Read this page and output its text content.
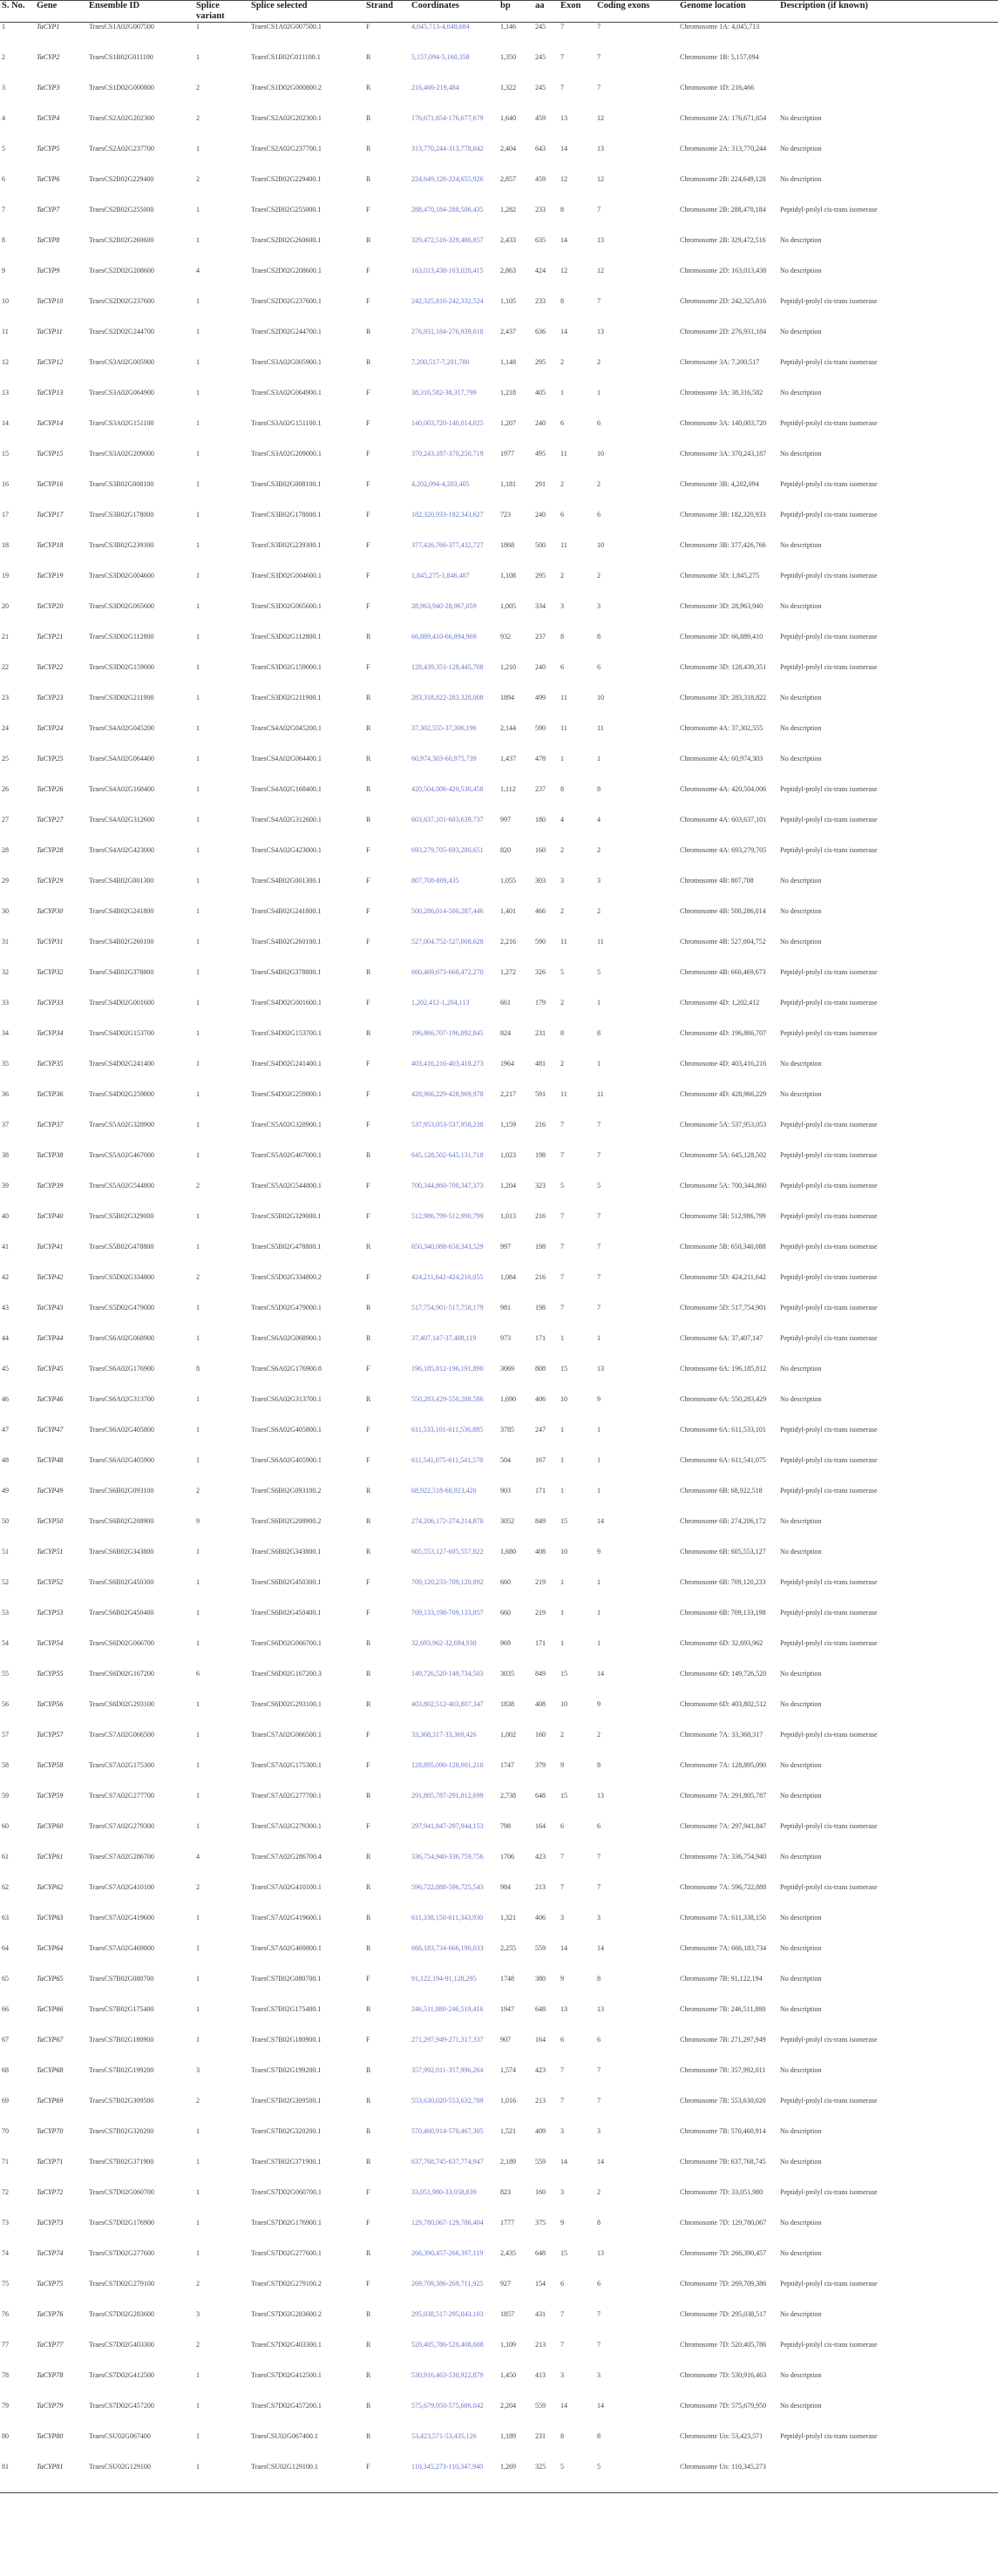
S. No.	Gene	Ensemble ID	Splice variant	Splice selected	Strand	Coordinates	bp	aa	Exon	Coding exons	Genome location	Description (if known)
1	TaCYP1	TraesCS1A02G007500	1	TraesCS1A02G007500.1	F	4,045,713-4,048,684	1,146	245	7	7	Chromosome 1A: 4,045,713	
2	TaCYP2	TraesCS1B02G011100	1	TraesCS1B02G011100.1	R	5,157,094-5,160,358	1,350	245	7	7	Chromosome 1B: 5,157,094	
3	TaCYP3	TraesCS1D02G000800	2	TraesCS1D02G000800.2	R	216,466-219,484	1,322	245	7	7	Chromosome 1D: 216,466	
4	TaCYP4	TraesCS2A02G202300	2	TraesCS2A02G202300.1	R	176,671,654-176,677,679	1,640	459	13	12	Chromosome 2A: 176,671,654	No description
5	TaCYP5	TraesCS2A02G237700	1	TraesCS2A02G237700.1	R	313,770,244-313,778,042	2,404	643	14	13	Chromosome 2A: 313,770,244	No description
6	TaCYP6	TraesCS2B02G229400	2	TraesCS2B02G229400.1	R	224,649,128-224,655,926	2,857	459	12	12	Chromosome 2B: 224,649,128	No description
7	TaCYP7	TraesCS2B02G255000	1	TraesCS2B02G255000.1	F	288,470,184-288,506,435	1,282	233	8	7	Chromosome 2B: 288,470,184	Peptidyl-prolyl cis-trans isomerase
8	TaCYP8	TraesCS2B02G260600	1	TraesCS2B02G260600.1	R	329,472,516-329,486,857	2,433	635	14	13	Chromosome 2B: 329,472,516	No description
9	TaCYP9	TraesCS2D02G208600	4	TraesCS2D02G208600.1	F	163,013,438-163,020,415	2,863	424	12	12	Chromosome 2D: 163,013,438	No description
10	TaCYP10	TraesCS2D02G237600	1	TraesCS2D02G237600.1	F	242,325,816-242,332,524	1,105	233	8	7	Chromosome 2D: 242,325,816	Peptidyl-prolyl cis-trans isomerase
11	TaCYP11	TraesCS2D02G244700	1	TraesCS2D02G244700.1	R	276,931,184-276,939,618	2,437	636	14	13	Chromosome 2D: 276,931,184	No description
12	TaCYP12	TraesCS3A02G005900	1	TraesCS3A02G005900.1	R	7,200,517-7,201,780	1,148	295	2	2	Chromosome 3A: 7,200,517	Peptidyl-prolyl cis-trans isomerase
13	TaCYP13	TraesCS3A02G064900	1	TraesCS3A02G064900.1	F	38,316,582-38,317,799	1,218	405	1	1	Chromosome 3A: 38,316,582	No description
14	TaCYP14	TraesCS3A02G151100	1	TraesCS3A02G151100.1	F	140,003,720-140,014,025	1,207	240	6	6	Chromosome 3A: 140,003,720	Peptidyl-prolyl cis-trans isomerase
15	TaCYP15	TraesCS3A02G209000	1	TraesCS3A02G209000.1	F	370,243,187-370,250,719	1977	495	11	10	Chromosome 3A: 370,243,187	No description
16	TaCYP16	TraesCS3B02G008100	1	TraesCS3B02G008100.1	F	4,202,094-4,203,405	1,181	291	2	2	Chromosome 3B: 4,202,094	Peptidyl-prolyl cis-trans isomerase
17	TaCYP17	TraesCS3B02G178000	1	TraesCS3B02G178000.1	F	182,320,933-182,343,627	723	240	6	6	Chromosome 3B: 182,320,933	Peptidyl-prolyl cis-trans isomerase
18	TaCYP18	TraesCS3B02G239300	1	TraesCS3B02G239300.1	F	377,426,766-377,432,727	1868	500	11	10	Chromosome 3B: 377,426,766	No description
19	TaCYP19	TraesCS3D02G004600	1	TraesCS3D02G004600.1	F	1,845,275-1,846,487	1,108	295	2	2	Chromosome 3D: 1,845,275	Peptidyl-prolyl cis-trans isomerase
20	TaCYP20	TraesCS3D02G065600	1	TraesCS3D02G065600.1	F	28,963,940-28,967,059	1,005	334	3	3	Chromosome 3D: 28,963,940	No description
21	TaCYP21	TraesCS3D02G112800	1	TraesCS3D02G112800.1	R	66,889,410-66,894,969	932	237	8	8	Chromosome 3D: 66,889,410	Peptidyl-prolyl cis-trans isomerase
22	TaCYP22	TraesCS3D02G159000	1	TraesCS3D02G159000.1	F	128,439,351-128,445,708	1,210	240	6	6	Chromosome 3D: 128,439,351	Peptidyl-prolyl cis-trans isomerase
23	TaCYP23	TraesCS3D02G211900	1	TraesCS3D02G211900.1	R	283,318,822-283,328,008	1894	499	11	10	Chromosome 3D: 283,318,822	No description
24	TaCYP24	TraesCS4A02G045200	1	TraesCS4A02G045200.1	R	37,302,555-37,306,196	2,144	590	11	11	Chromosome 4A: 37,302,555	No description
25	TaCYP25	TraesCS4A02G064400	1	TraesCS4A02G064400.1	R	60,974,303-60,975,739	1,437	478	1	1	Chromosome 4A: 60,974,303	No description
26	TaCYP26	TraesCS4A02G168400	1	TraesCS4A02G168400.1	R	420,504,006-420,530,458	1,112	237	8	8	Chromosome 4A: 420,504,006	Peptidyl-prolyl cis-trans isomerase
27	TaCYP27	TraesCS4A02G312600	1	TraesCS4A02G312600.1	R	603,637,101-603,639,737	997	180	4	4	Chromosome 4A: 603,637,101	Peptidyl-prolyl cis-trans isomerase
28	TaCYP28	TraesCS4A02G423000	1	TraesCS4A02G423000.1	F	693,279,705-693,280,651	820	160	2	2	Chromosome 4A: 693,279,705	Peptidyl-prolyl cis-trans isomerase
29	TaCYP29	TraesCS4B02G001300	1	TraesCS4B02G001300.1	F	807,708-809,435	1,055	303	3	3	Chromosome 4B: 807,708	No description
30	TaCYP30	TraesCS4B02G241800	1	TraesCS4B02G241800.1	F	500,286,014-500,287,446	1,401	466	2	2	Chromosome 4B: 500,286,014	No description
31	TaCYP31	TraesCS4B02G260100	1	TraesCS4B02G260100.1	F	527,004,752-527,008,628	2,216	590	11	11	Chromosome 4B: 527,004,752	No description
32	TaCYP32	TraesCS4B02G378800	1	TraesCS4B02G378800.1	R	660,469,673-660,472,270	1,272	326	5	5	Chromosome 4B: 660,469,673	Peptidyl-prolyl cis-trans isomerase
33	TaCYP33	TraesCS4D02G001600	1	TraesCS4D02G001600.1	F	1,202,412-1,204,113	661	179	2	1	Chromosome 4D: 1,202,412	Peptidyl-prolyl cis-trans isomerase
34	TaCYP34	TraesCS4D02G153700	1	TraesCS4D02G153700.1	R	196,866,707-196,892,845	824	231	8	8	Chromosome 4D: 196,866,707	Peptidyl-prolyl cis-trans isomerase
35	TaCYP35	TraesCS4D02G241400	1	TraesCS4D02G241400.1	F	403,416,216-403,418,273	1964	481	2	1	Chromosome 4D: 403,416,216	No description
36	TaCYP36	TraesCS4D02G259800	1	TraesCS4D02G259800.1	F	428,966,229-428,969,978	2,217	591	11	11	Chromosome 4D: 428,966,229	No description
37	TaCYP37	TraesCS5A02G328900	1	TraesCS5A02G328900.1	F	537,953,053-537,958,238	1,159	216	7	7	Chromosome 5A: 537,953,053	Peptidyl-prolyl cis-trans isomerase
38	TaCYP38	TraesCS5A02G467000	1	TraesCS5A02G467000.1	R	645,128,502-645,131,718	1,023	198	7	7	Chromosome 5A: 645,128,502	Peptidyl-prolyl cis-trans isomerase
39	TaCYP39	TraesCS5A02G544800	2	TraesCS5A02G544800.1	F	700,344,860-700,347,373	1,204	323	5	5	Chromosome 5A: 700,344,860	Peptidyl-prolyl cis-trans isomerase
40	TaCYP40	TraesCS5B02G329000	1	TraesCS5B02G329000.1	F	512,986,799-512,990,799	1,013	216	7	7	Chromosome 5B: 512,986,799	Peptidyl-prolyl cis-trans isomerase
41	TaCYP41	TraesCS5B02G478800	1	TraesCS5B02G478800.1	R	650,340,088-650,343,529	997	198	7	7	Chromosome 5B: 650,340,088	Peptidyl-prolyl cis-trans isomerase
42	TaCYP42	TraesCS5D02G334800	2	TraesCS5D02G334800.2	F	424,211,642-424,216,055	1,084	216	7	7	Chromosome 5D: 424,211,642	Peptidyl-prolyl cis-trans isomerase
43	TaCYP43	TraesCS5D02G479000	1	TraesCS5D02G479000.1	R	517,754,901-517,758,179	981	198	7	7	Chromosome 5D: 517,754,901	Peptidyl-prolyl cis-trans isomerase
44	TaCYP44	TraesCS6A02G068900	1	TraesCS6A02G068900.1	R	37,407,147-37,408,119	973	171	1	1	Chromosome 6A: 37,407,147	Peptidyl-prolyl cis-trans isomerase
45	TaCYP45	TraesCS6A02G176900	8	TraesCS6A02G176900.8	F	196,185,812-196,191,890	3069	808	15	13	Chromosome 6A: 196,185,812	No description
46	TaCYP46	TraesCS6A02G313700	1	TraesCS6A02G313700.1	R	550,283,429-550,288,586	1,690	406	10	9	Chromosome 6A: 550,283,429	No description
47	TaCYP47	TraesCS6A02G405800	1	TraesCS6A02G405800.1	F	611,533,101-611,536,885	3785	247	1	1	Chromosome 6A: 611,533,101	Peptidyl-prolyl cis-trans isomerase
48	TaCYP48	TraesCS6A02G405900	1	TraesCS6A02G405900.1	F	611,541,075-611,541,578	504	167	1	1	Chromosome 6A: 611,541,075	Peptidyl-prolyl cis-trans isomerase
49	TaCYP49	TraesCS6B02G093100	2	TraesCS6B02G093100.2	R	68,922,518-68,923,420	903	171	1	1	Chromosome 6B: 68,922,518	Peptidyl-prolyl cis-trans isomerase
50	TaCYP50	TraesCS6B02G208900	9	TraesCS6B02G208900.2	R	274,206,172-274,214,878	3052	849	15	14	Chromosome 6B: 274,206,172	No description
51	TaCYP51	TraesCS6B02G343800	1	TraesCS6B02G343800.1	R	605,553,127-605,557,822	1,680	408	10	9	Chromosome 6B: 605,553,127	No description
52	TaCYP52	TraesCS6B02G450300	1	TraesCS6B02G450300.1	F	709,120,233-709,120,892	660	219	1	1	Chromosome 6B: 709,120,233	Peptidyl-prolyl cis-trans isomerase
53	TaCYP53	TraesCS6B02G450400	1	TraesCS6B02G450400.1	F	709,133,198-709,133,857	660	219	1	1	Chromosome 6B: 709,133,198	Peptidyl-prolyl cis-trans isomerase
54	TaCYP54	TraesCS6D02G066700	1	TraesCS6D02G066700.1	R	32,693,962-32,694,930	969	171	1	1	Chromosome 6D: 32,693,962	Peptidyl-prolyl cis-trans isomerase
55	TaCYP55	TraesCS6D02G167200	6	TraesCS6D02G167200.3	R	149,726,520-149,734,503	3035	849	15	14	Chromosome 6D: 149,726,520	No description
56	TaCYP56	TraesCS6D02G293100	1	TraesCS6D02G293100.1	R	403,802,512-403,807,347	1838	408	10	9	Chromosome 6D: 403,802,512	No description
57	TaCYP57	TraesCS7A02G066500	1	TraesCS7A02G066500.1	F	33,368,317-33,369,426	1,002	160	2	2	Chromosome 7A: 33,368,317	Peptidyl-prolyl cis-trans isomerase
58	TaCYP58	TraesCS7A02G175300	1	TraesCS7A02G175300.1	F	128,895,090-128,901,210	1747	379	9	8	Chromosome 7A: 128,895,090	No description
59	TaCYP59	TraesCS7A02G277700	1	TraesCS7A02G277700.1	R	291,805,787-291,812,699	2,738	648	15	13	Chromosome 7A: 291,805,787	No description
60	TaCYP60	TraesCS7A02G279300	1	TraesCS7A02G279300.1	F	297,941,847-297,944,153	798	164	6	6	Chromosome 7A: 297,941,847	Peptidyl-prolyl cis-trans isomerase
61	TaCYP61	TraesCS7A02G286700	4	TraesCS7A02G286700.4	R	336,754,940-336,759,756	1706	423	7	7	Chromosome 7A: 336,754,940	No description
62	TaCYP62	TraesCS7A02G410100	2	TraesCS7A02G410100.1	R	596,722,888-596,725,543	984	213	7	7	Chromosome 7A: 596,722,888	Peptidyl-prolyl cis-trans isomerase
63	TaCYP63	TraesCS7A02G419600	1	TraesCS7A02G419600.1	R	611,338,150-611,343,930	1,321	406	3	3	Chromosome 7A: 611,338,150	No description
64	TaCYP64	TraesCS7A02G469800	1	TraesCS7A02G469800.1	R	666,183,734-666,190,033	2,255	559	14	14	Chromosome 7A: 666,183,734	No description
65	TaCYP65	TraesCS7B02G080700	1	TraesCS7B02G080700.1	F	91,122,194-91,128,295	1748	380	9	8	Chromosome 7B: 91,122,194	No description
66	TaCYP66	TraesCS7B02G175400	1	TraesCS7B02G175400.1	R	246,511,880-246,519,416	1947	648	13	13	Chromosome 7B: 246,511,880	No description
67	TaCYP67	TraesCS7B02G180900	1	TraesCS7B02G180900.1	F	271,297,949-271,317,337	907	164	6	6	Chromosome 7B: 271,297,949	Peptidyl-prolyl cis-trans isomerase
68	TaCYP68	TraesCS7B02G199200	3	TraesCS7B02G199200.1	R	357,992,011-357,996,264	1,574	423	7	7	Chromosome 7B: 357,992,011	No description
69	TaCYP69	TraesCS7B02G309500	2	TraesCS7B02G309500.1	R	553,630,020-553,632,789	1,016	213	7	7	Chromosome 7B: 553,630,020	Peptidyl-prolyl cis-trans isomerase
70	TaCYP70	TraesCS7B02G320200	1	TraesCS7B02G320200.1	R	570,460,914-570,467,305	1,521	409	3	3	Chromosome 7B: 570,460,914	No description
71	TaCYP71	TraesCS7B02G371900	1	TraesCS7B02G371900.1	R	637,768,745-637,774,947	2,189	559	14	14	Chromosome 7B: 637,768,745	No description
72	TaCYP72	TraesCS7D02G060700	1	TraesCS7D02G060700.1	F	33,051,980-33,058,839	823	160	3	2	Chromosome 7D: 33,051,980	Peptidyl-prolyl cis-trans isomerase
73	TaCYP73	TraesCS7D02G176900	1	TraesCS7D02G176900.1	F	129,780,067-129,786,404	1777	375	9	8	Chromosome 7D: 129,780,067	No description
74	TaCYP74	TraesCS7D02G277600	1	TraesCS7D02G277600.1	R	266,390,457-266,397,119	2,435	648	15	13	Chromosome 7D: 266,390,457	No description
75	TaCYP75	TraesCS7D02G279100	2	TraesCS7D02G279100.2	F	269,709,386-269,711,925	927	154	6	6	Chromosome 7D: 269,709,386	Peptidyl-prolyl cis-trans isomerase
76	TaCYP76	TraesCS7D02G283600	3	TraesCS7D02G283600.2	R	295,038,517-295,043,103	1857	431	7	7	Chromosome 7D: 295,038,517	No description
77	TaCYP77	TraesCS7D02G403300	2	TraesCS7D02G403300.1	R	520,405,786-520,408,608	1,109	213	7	7	Chromosome 7D: 520,405,786	Peptidyl-prolyl cis-trans isomerase
78	TaCYP78	TraesCS7D02G412500	1	TraesCS7D02G412500.1	R	530,916,463-530,922,879	1,450	413	3	3	Chromosome 7D: 530,916,463	No description
79	TaCYP79	TraesCS7D02G457200	1	TraesCS7D02G457200.1	R	575,679,950-575,686,042	2,204	559	14	14	Chromosome 7D: 575,679,950	No description
80	TaCYP80	TraesCSU02G067400	1	TraesCSU02G067400.1	R	53,423,571-53,435,126	1,189	231	8	8	Chromosome Un: 53,423,571	Peptidyl-prolyl cis-trans isomerase
81	TaCYP81	TraesCSU02G129100	1	TraesCSU02G129100.1	F	110,345,273-110,347,940	1,269	325	5	5	Chromosome Un: 110,345,273	
